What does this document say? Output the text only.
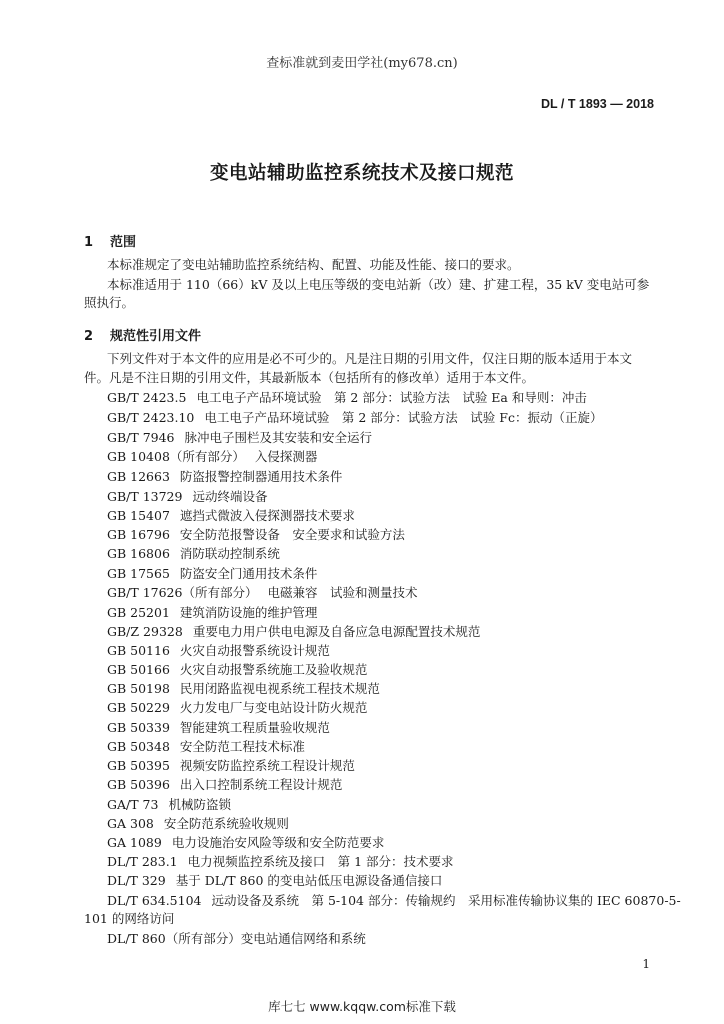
查标准就到麦田学社(my678.cn)
DL / T 1893 — 2018
变电站辅助监控系统技术及接口规范
1 范围
本标准规定了变电站辅助监控系统结构、配置、功能及性能、接口的要求。
本标准适用于 110（66）kV 及以上电压等级的变电站新（改）建、扩建工程，35 kV 变电站可参
照执行。
2 规范性引用文件
下列文件对于本文件的应用是必不可少的。凡是注日期的引用文件，仅注日期的版本适用于本文
件。凡是不注日期的引用文件，其最新版本（包括所有的修改单）适用于本文件。
GB/T 2423.5 电工电子产品环境试验　第 2 部分：试验方法　试验 Ea 和导则：冲击
GB/T 2423.10 电工电子产品环境试验　第 2 部分：试验方法　试验 Fc：振动（正旋）
GB/T 7946 脉冲电子围栏及其安装和安全运行
GB 10408（所有部分） 入侵探测器
GB 12663 防盗报警控制器通用技术条件
GB/T 13729 远动终端设备
GB 15407 遮挡式微波入侵探测器技术要求
GB 16796 安全防范报警设备　安全要求和试验方法
GB 16806 消防联动控制系统
GB 17565 防盗安全门通用技术条件
GB/T 17626（所有部分） 电磁兼容　试验和测量技术
GB 25201 建筑消防设施的维护管理
GB/Z 29328 重要电力用户供电电源及自备应急电源配置技术规范
GB 50116 火灾自动报警系统设计规范
GB 50166 火灾自动报警系统施工及验收规范
GB 50198 民用闭路监视电视系统工程技术规范
GB 50229 火力发电厂与变电站设计防火规范
GB 50339 智能建筑工程质量验收规范
GB 50348 安全防范工程技术标准
GB 50395 视频安防监控系统工程设计规范
GB 50396 出入口控制系统工程设计规范
GA/T 73 机械防盗锁
GA 308 安全防范系统验收规则
GA 1089 电力设施治安风险等级和安全防范要求
DL/T 283.1 电力视频监控系统及接口　第 1 部分：技术要求
DL/T 329 基于 DL/T 860 的变电站低压电源设备通信接口
DL/T 634.5104 远动设备及系统　第 5-104 部分：传输规约　采用标准传输协议集的 IEC 60870-5-
101 的网络访问
DL/T 860（所有部分）变电站通信网络和系统
1
库七七 www.kqqw.com标准下载
